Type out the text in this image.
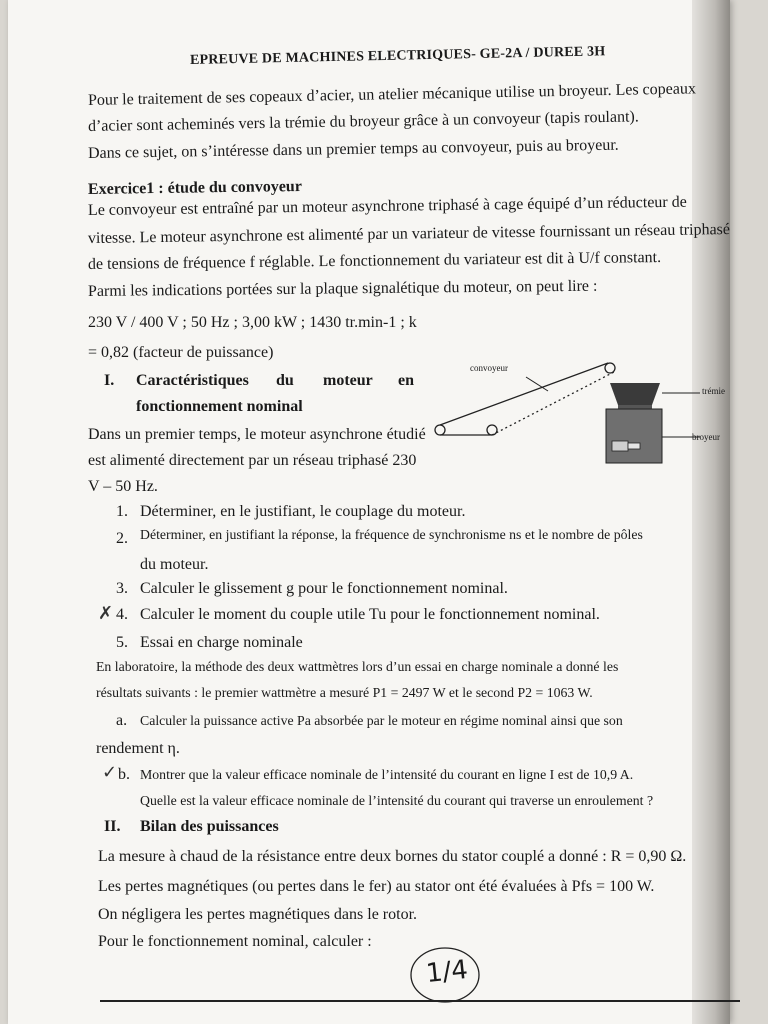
EPREUVE DE MACHINES ELECTRIQUES- GE-2A / DUREE 3H
Pour le traitement de ses copeaux d’acier, un atelier mécanique utilise un broyeur. Les copeaux
d’acier sont acheminés vers la trémie du broyeur grâce à un convoyeur (tapis roulant).
Dans ce sujet, on s’intéresse dans un premier temps au convoyeur, puis au broyeur.
Exercice1 : étude du convoyeur
Le convoyeur est entraîné par un moteur asynchrone triphasé à cage équipé d’un réducteur de
vitesse. Le moteur asynchrone est alimenté par un variateur de vitesse fournissant un réseau triphasé
de tensions de fréquence f réglable. Le fonctionnement du variateur est dit à U/f constant.
Parmi les indications portées sur la plaque signalétique du moteur, on peut lire :
230 V / 400 V ; 50 Hz ; 3,00 kW ; 1430 tr.min-1 ; k
= 0,82 (facteur de puissance)
I. Caractéristiques du moteur en
fonctionnement nominal
Dans un premier temps, le moteur asynchrone étudié
est alimenté directement par un réseau triphasé 230
V – 50 Hz.
1. Déterminer, en le justifiant, le couplage du moteur.
2. Déterminer, en justifiant la réponse, la fréquence de synchronisme ns et le nombre de pôles
du moteur.
3. Calculer le glissement g pour le fonctionnement nominal.
✗ 4. Calculer le moment du couple utile Tu pour le fonctionnement nominal.
5. Essai en charge nominale
En laboratoire, la méthode des deux wattmètres lors d’un essai en charge nominale a donné les
résultats suivants : le premier wattmètre a mesuré P1 = 2497 W et le second P2 = 1063 W.
a. Calculer la puissance active Pa absorbée par le moteur en régime nominal ainsi que son
rendement η.
✓ b. Montrer que la valeur efficace nominale de l’intensité du courant en ligne I est de 10,9 A.
Quelle est la valeur efficace nominale de l’intensité du courant qui traverse un enroulement ?
II. Bilan des puissances
La mesure à chaud de la résistance entre deux bornes du stator couplé a donné : R = 0,90 Ω.
Les pertes magnétiques (ou pertes dans le fer) au stator ont été évaluées à Pfs = 100 W.
On négligera les pertes magnétiques dans le rotor.
Pour le fonctionnement nominal, calculer :
convoyeur
trémie
broyeur
1/4
